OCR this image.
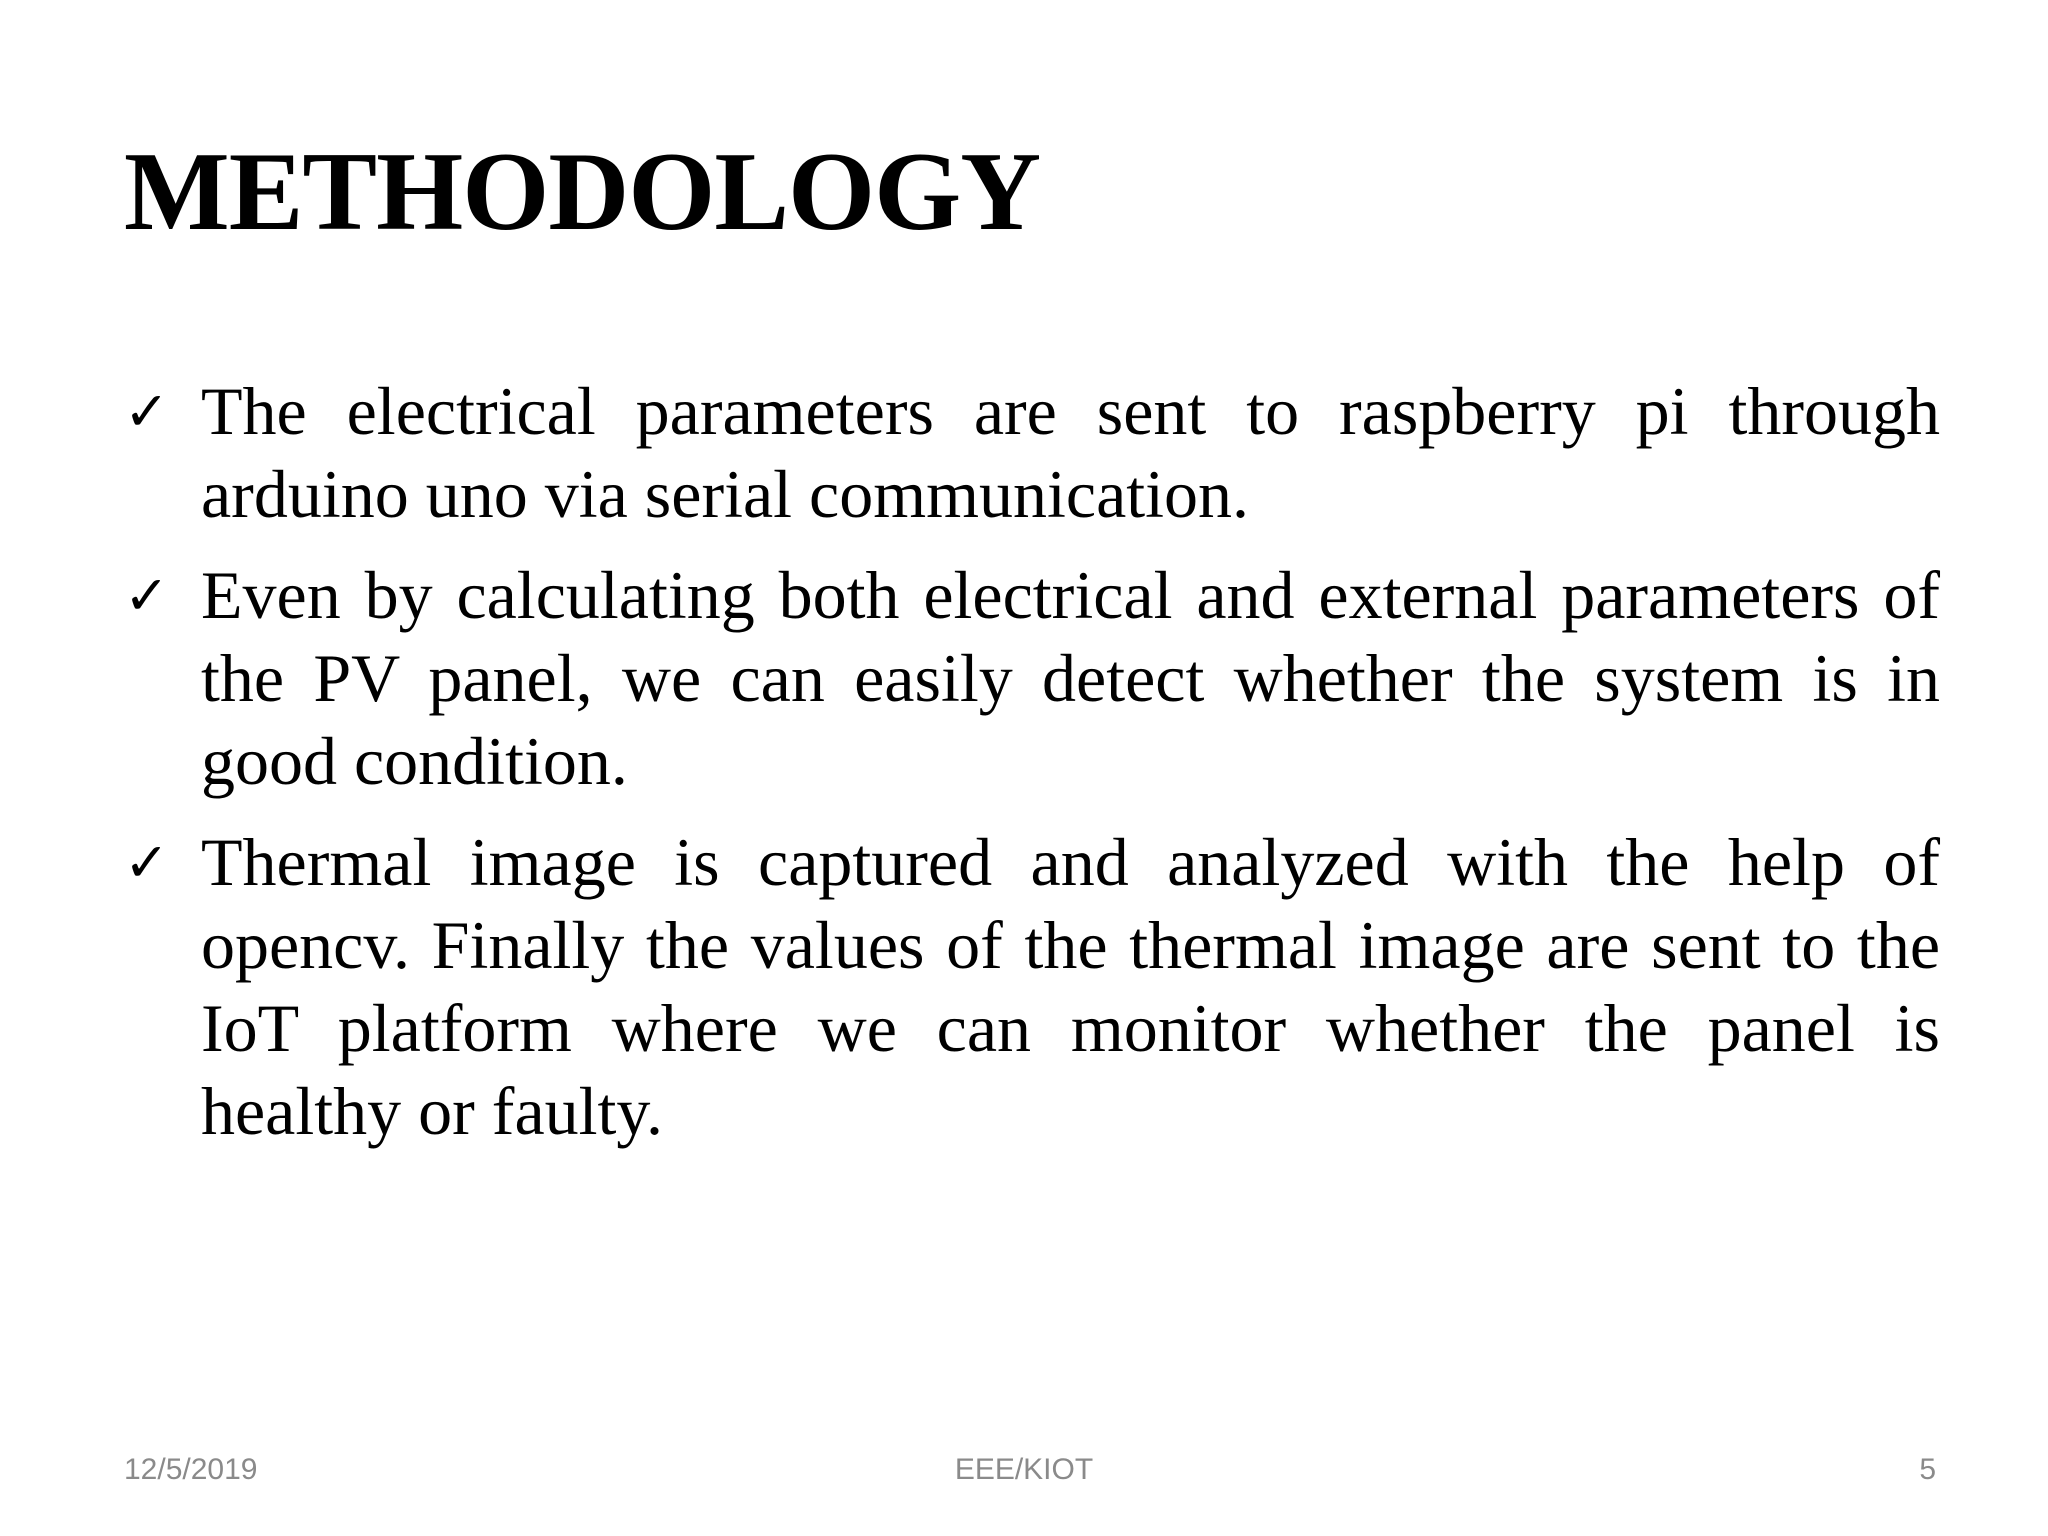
METHODOLOGY
✓ The electrical parameters are sent to raspberry pi through arduino uno via serial communication.
✓ Even by calculating both electrical and external parameters of the PV panel, we can easily detect whether the system is in good condition.
✓ Thermal image is captured and analyzed with the help of opencv. Finally the values of the thermal image are sent to the IoT platform where we can monitor whether the panel is healthy or faulty.
12/5/2019	EEE/KIOT	5
